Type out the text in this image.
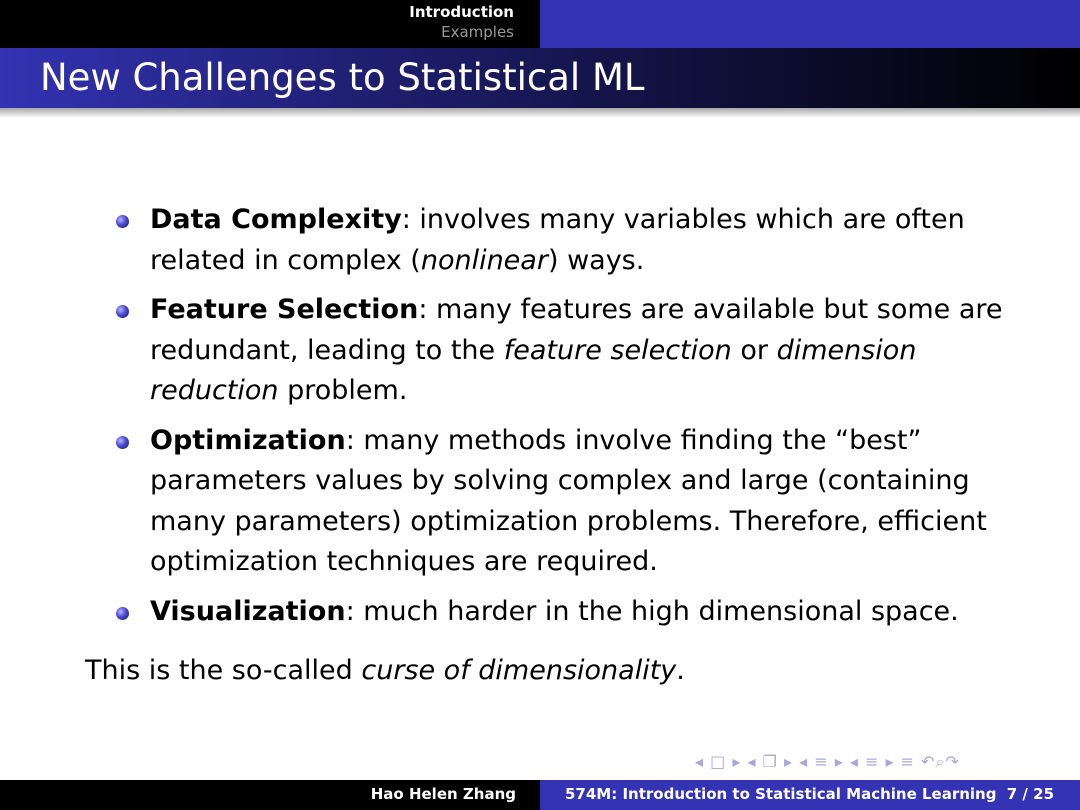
Introduction
Examples
New Challenges to Statistical ML
Data Complexity: involves many variables which are often related in complex (nonlinear) ways.
Feature Selection: many features are available but some are redundant, leading to the feature selection or dimension reduction problem.
Optimization: many methods involve finding the “best” parameters values by solving complex and large (containing many parameters) optimization problems. Therefore, efficient optimization techniques are required.
Visualization: much harder in the high dimensional space.
This is the so-called curse of dimensionality.
◂ □ ▸ ◂ ❐ ▸ ◂ ≡ ▸ ◂ ≡ ▸ ≡ ↶⌕↷
Hao Helen Zhang	574M: Introduction to Statistical Machine Learning 7 / 25
